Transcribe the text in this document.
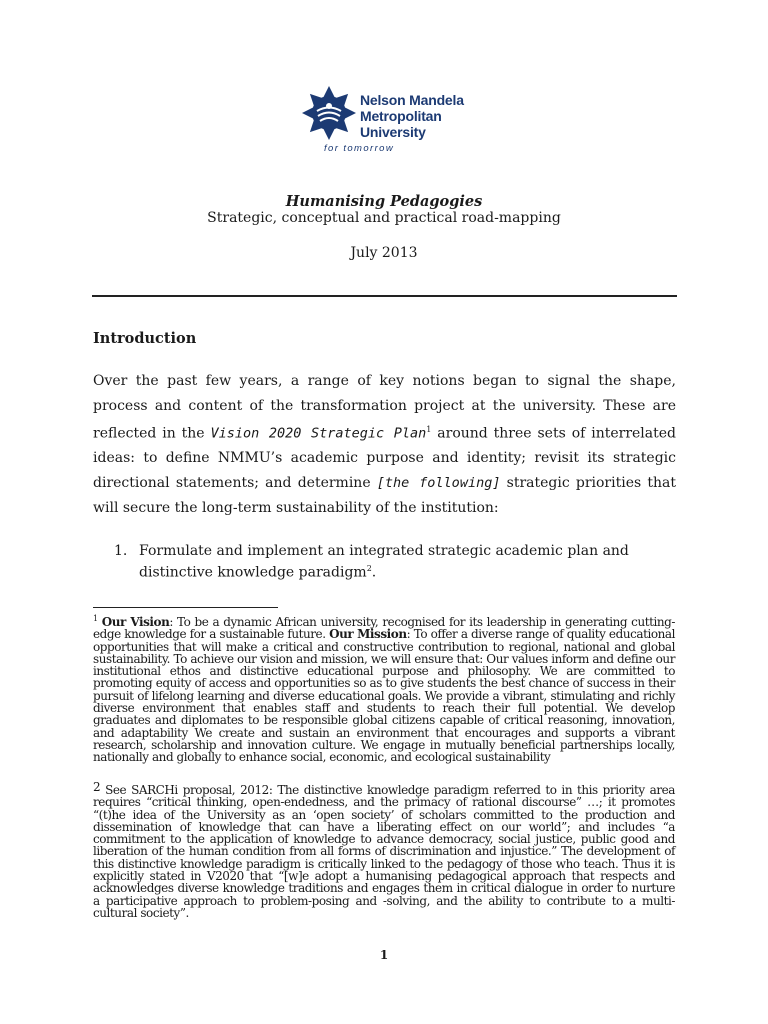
Nelson Mandela
Metropolitan
University
for tomorrow
Humanising Pedagogies
Strategic, conceptual and practical road-mapping
July 2013
Introduction
Over the past few years, a range of key notions began to signal the shape, process and content of the transformation project at the university. These are reflected in the Vision 2020 Strategic Plan$^1$ around three sets of interrelated ideas: to define NMMU’s academic purpose and identity; revisit its strategic directional statements; and determine [the following] strategic priorities that will secure the long-term sustainability of the institution:
1. Formulate and implement an integrated strategic academic plan and distinctive knowledge paradigm$^2$.
$^1$ Our Vision: To be a dynamic African university, recognised for its leadership in generating cutting-edge knowledge for a sustainable future. Our Mission: To offer a diverse range of quality educational opportunities that will make a critical and constructive contribution to regional, national and global sustainability. To achieve our vision and mission, we will ensure that: Our values inform and define our institutional ethos and distinctive educational purpose and philosophy. We are committed to promoting equity of access and opportunities so as to give students the best chance of success in their pursuit of lifelong learning and diverse educational goals. We provide a vibrant, stimulating and richly diverse environment that enables staff and students to reach their full potential. We develop graduates and diplomates to be responsible global citizens capable of critical reasoning, innovation, and adaptability We create and sustain an environment that encourages and supports a vibrant research, scholarship and innovation culture. We engage in mutually beneficial partnerships locally, nationally and globally to enhance social, economic, and ecological sustainability
2 See SARCHi proposal, 2012: The distinctive knowledge paradigm referred to in this priority area requires “critical thinking, open-endedness, and the primacy of rational discourse” …; it promotes “(t)he idea of the University as an ‘open society’ of scholars committed to the production and dissemination of knowledge that can have a liberating effect on our world”; and includes “a commitment to the application of knowledge to advance democracy, social justice, public good and liberation of the human condition from all forms of discrimination and injustice.” The development of this distinctive knowledge paradigm is critically linked to the pedagogy of those who teach. Thus it is explicitly stated in V2020 that “[w]e adopt a humanising pedagogical approach that respects and acknowledges diverse knowledge traditions and engages them in critical dialogue in order to nurture a participative approach to problem-posing and -solving, and the ability to contribute to a multi-cultural society”.
1
